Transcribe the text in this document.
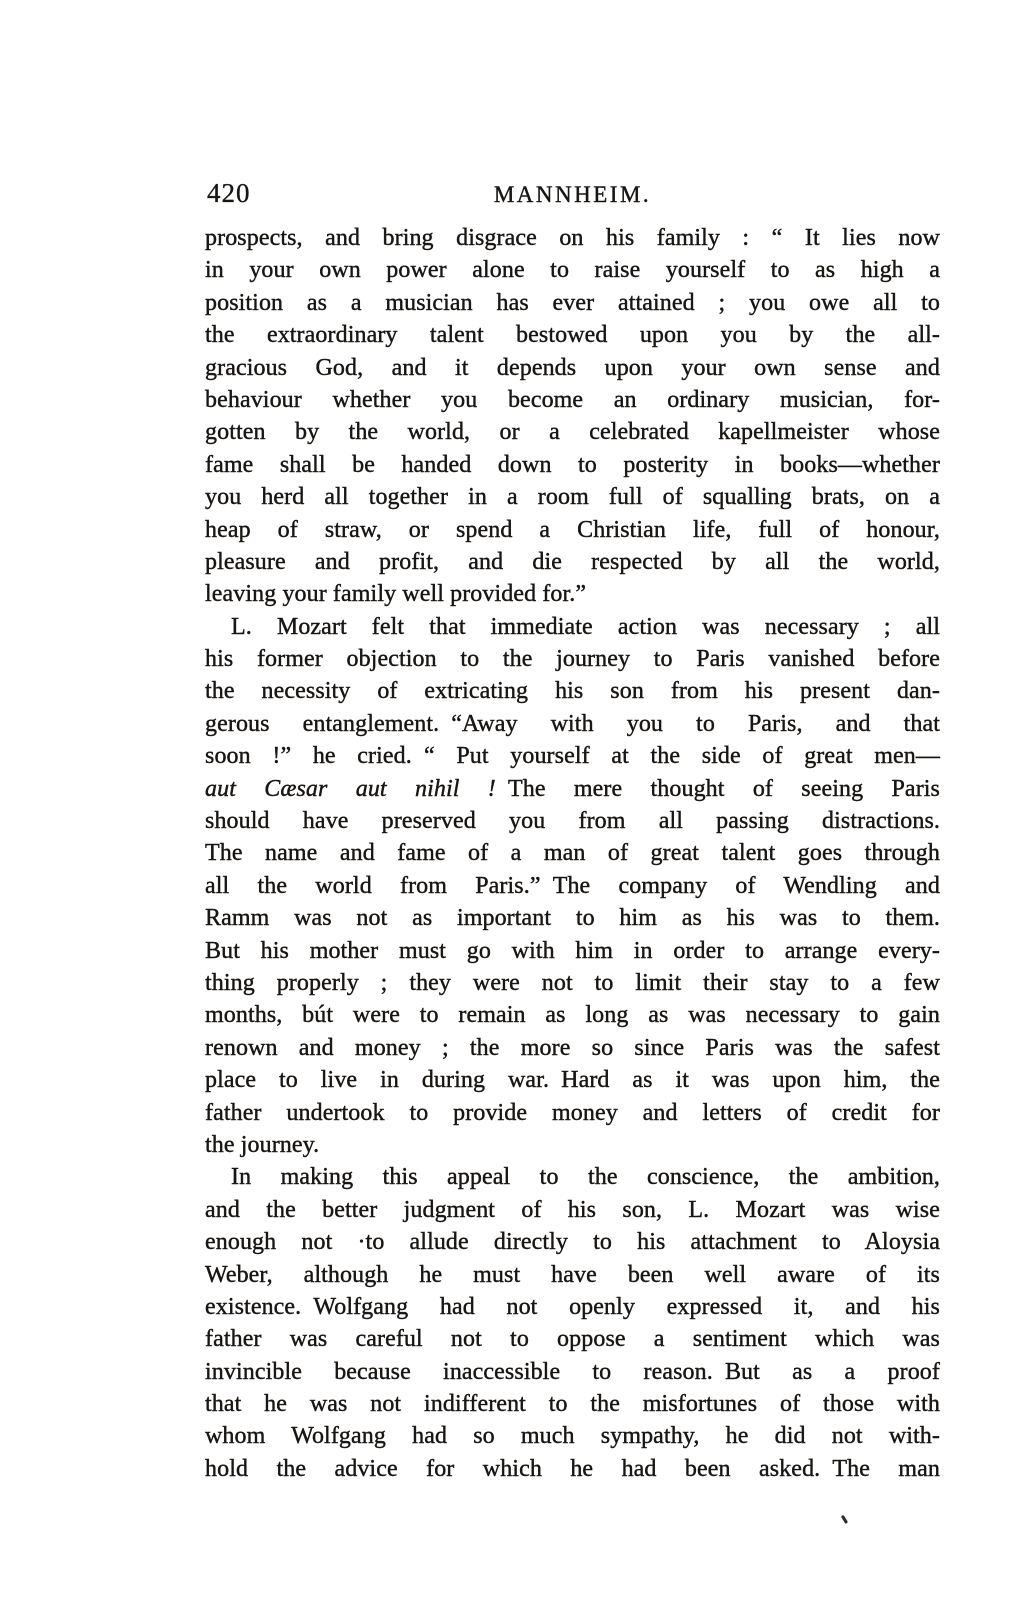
420	MANNHEIM.
prospects, and bring disgrace on his family : “ It lies now
in your own power alone to raise yourself to as high a
position as a musician has ever attained ; you owe all to
the extraordinary talent bestowed upon you by the all-
gracious God, and it depends upon your own sense and
behaviour whether you become an ordinary musician, for-
gotten by the world, or a celebrated kapellmeister whose
fame shall be handed down to posterity in books—whether
you herd all together in a room full of squalling brats, on a
heap of straw, or spend a Christian life, full of honour,
pleasure and profit, and die respected by all the world,
leaving your family well provided for.”
L. Mozart felt that immediate action was necessary ; all
his former objection to the journey to Paris vanished before
the necessity of extricating his son from his present dan-
gerous entanglement. “Away with you to Paris, and that
soon !” he cried. “ Put yourself at the side of great men—
aut Cæsar aut nihil ! The mere thought of seeing Paris
should have preserved you from all passing distractions.
The name and fame of a man of great talent goes through
all the world from Paris.” The company of Wendling and
Ramm was not as important to him as his was to them.
But his mother must go with him in order to arrange every-
thing properly ; they were not to limit their stay to a few
months, bút were to remain as long as was necessary to gain
renown and money ; the more so since Paris was the safest
place to live in during war. Hard as it was upon him, the
father undertook to provide money and letters of credit for
the journey.
In making this appeal to the conscience, the ambition,
and the better judgment of his son, L. Mozart was wise
enough not ·to allude directly to his attachment to Aloysia
Weber, although he must have been well aware of its
existence. Wolfgang had not openly expressed it, and his
father was careful not to oppose a sentiment which was
invincible because inaccessible to reason. But as a proof
that he was not indifferent to the misfortunes of those with
whom Wolfgang had so much sympathy, he did not with-
hold the advice for which he had been asked. The man
